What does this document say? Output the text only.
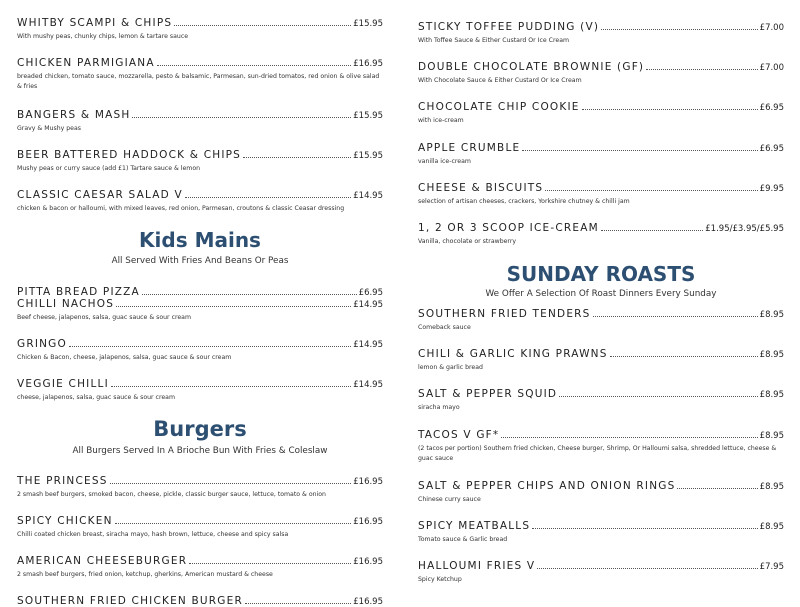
WHITBY SCAMPI & CHIPS	£15.95
With mushy peas, chunky chips, lemon & tartare sauce
CHICKEN PARMIGIANA	£16.95
breaded chicken, tomato sauce, mozzarella, pesto & balsamic, Parmesan, sun-dried tomatos, red onion & olive salad & fries
BANGERS & MASH	£15.95
Gravy & Mushy peas
BEER BATTERED HADDOCK & CHIPS	£15.95
Mushy peas or curry sauce (add £1) Tartare sauce & lemon
CLASSIC CAESAR SALAD V	£14.95
chicken & bacon or halloumi, with mixed leaves, red onion, Parmesan, croutons & classic Ceasar dressing
Kids Mains
All Served With Fries And Beans Or Peas
PITTA BREAD PIZZA	£6.95
CHILLI NACHOS	£14.95
Beef cheese, jalapenos, salsa, guac sauce & sour cream
GRINGO	£14.95
Chicken & Bacon, cheese, jalapenos, salsa, guac sauce & sour cream
VEGGIE CHILLI	£14.95
cheese, jalapenos, salsa, guac sauce & sour cream
Burgers
All Burgers Served In A Brioche Bun With Fries & Coleslaw
THE PRINCESS	£16.95
2 smash beef burgers, smoked bacon, cheese, pickle, classic burger sauce, lettuce, tomato & onion
SPICY CHICKEN	£16.95
Chilli coated chicken breast, siracha mayo, hash brown, lettuce, cheese and spicy salsa
AMERICAN CHEESEBURGER	£16.95
2 smash beef burgers, fried onion, ketchup, gherkins, American mustard & cheese
SOUTHERN FRIED CHICKEN BURGER	£16.95
STICKY TOFFEE PUDDING (V)	£7.00
With Toffee Sauce & Either Custard Or Ice Cream
DOUBLE CHOCOLATE BROWNIE (GF)	£7.00
With Chocolate Sauce & Either Custard Or Ice Cream
CHOCOLATE CHIP COOKIE	£6.95
with ice-cream
APPLE CRUMBLE	£6.95
vanilla ice-cream
CHEESE & BISCUITS	£9.95
selection of artisan cheeses, crackers, Yorkshire chutney & chilli jam
1, 2 OR 3 SCOOP ICE-CREAM	£1.95/£3.95/£5.95
Vanilla, chocolate or strawberry
SUNDAY ROASTS
We Offer A Selection Of Roast Dinners Every Sunday
SOUTHERN FRIED TENDERS	£8.95
Comeback sauce
CHILI & GARLIC KING PRAWNS	£8.95
lemon & garlic bread
SALT & PEPPER SQUID	£8.95
siracha mayo
TACOS V GF*	£8.95
(2 tacos per portion) Southern fried chicken, Cheese burger, Shrimp, Or Halloumi salsa, shredded lettuce, cheese & guac sauce
SALT & PEPPER CHIPS AND ONION RINGS	£8.95
Chinese curry sauce
SPICY MEATBALLS	£8.95
Tomato sauce & Garlic bread
HALLOUMI FRIES V	£7.95
Spicy Ketchup
